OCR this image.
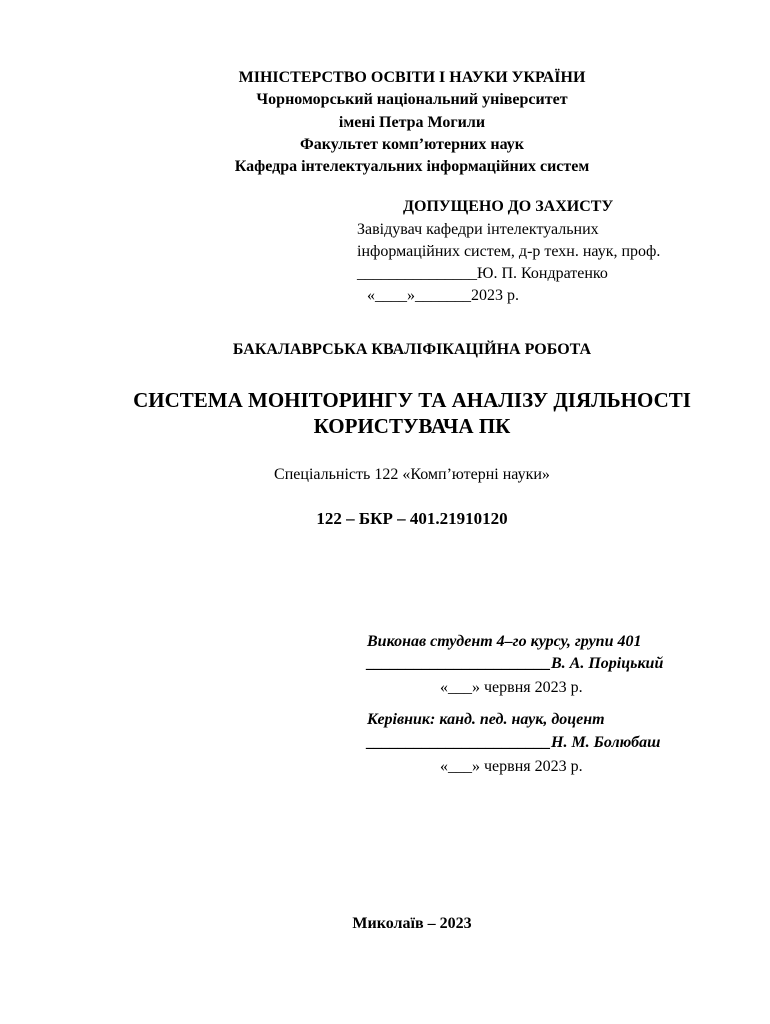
МІНІСТЕРСТВО ОСВІТИ І НАУКИ УКРАЇНИ
Чорноморський національний університет
імені Петра Могили
Факультет комп’ютерних наук
Кафедра інтелектуальних інформаційних систем
ДОПУЩЕНО ДО ЗАХИСТУ
Завідувач кафедри інтелектуальних
інформаційних систем, д-р техн. наук, проф.
_______________Ю. П. Кондратенко
«____»_______2023 р.
БАКАЛАВРСЬКА КВАЛІФІКАЦІЙНА РОБОТА
СИСТЕМА МОНІТОРИНГУ ТА АНАЛІЗУ ДІЯЛЬНОСТІ
КОРИСТУВАЧА ПК
Спеціальність 122 «Комп’ютерні науки»
122 – БКР – 401.21910120
Виконав студент 4–го курсу, групи 401
_______________________В. А. Поріцький
«___» червня 2023 р.
Керівник: канд. пед. наук, доцент
_______________________Н. М. Болюбаш
«___» червня 2023 р.
Миколаїв – 2023
